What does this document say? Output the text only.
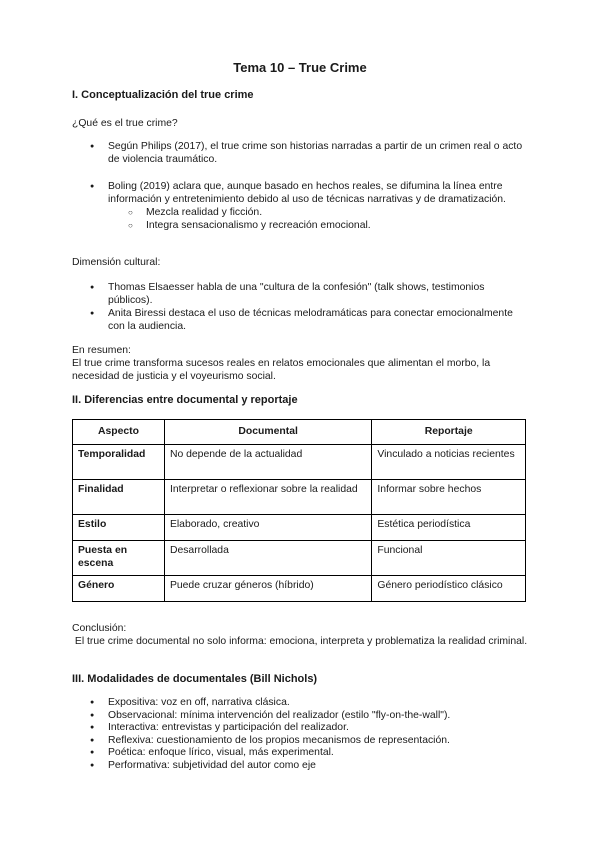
Tema 10 – True Crime
I. Conceptualización del true crime
¿Qué es el true crime?
● Según Philips (2017), el true crime son historias narradas a partir de un crimen real o acto de violencia traumático.
● Boling (2019) aclara que, aunque basado en hechos reales, se difumina la línea entre información y entretenimiento debido al uso de técnicas narrativas y de dramatización.
○ Mezcla realidad y ficción.
○ Integra sensacionalismo y recreación emocional.
Dimensión cultural:
● Thomas Elsaesser habla de una "cultura de la confesión" (talk shows, testimonios públicos).
● Anita Biressi destaca el uso de técnicas melodramáticas para conectar emocionalmente con la audiencia.
En resumen:
El true crime transforma sucesos reales en relatos emocionales que alimentan el morbo, la necesidad de justicia y el voyeurismo social.
II. Diferencias entre documental y reportaje
Aspecto	Documental	Reportaje
Temporalidad	No depende de la actualidad	Vinculado a noticias recientes
Finalidad	Interpretar o reflexionar sobre la realidad	Informar sobre hechos
Estilo	Elaborado, creativo	Estética periodística
Puesta en escena	Desarrollada	Funcional
Género	Puede cruzar géneros (híbrido)	Género periodístico clásico
Conclusión:
El true crime documental no solo informa: emociona, interpreta y problematiza la realidad criminal.
III. Modalidades de documentales (Bill Nichols)
● Expositiva: voz en off, narrativa clásica.
● Observacional: mínima intervención del realizador (estilo "fly-on-the-wall").
● Interactiva: entrevistas y participación del realizador.
● Reflexiva: cuestionamiento de los propios mecanismos de representación.
● Poética: enfoque lírico, visual, más experimental.
● Performativa: subjetividad del autor como eje
